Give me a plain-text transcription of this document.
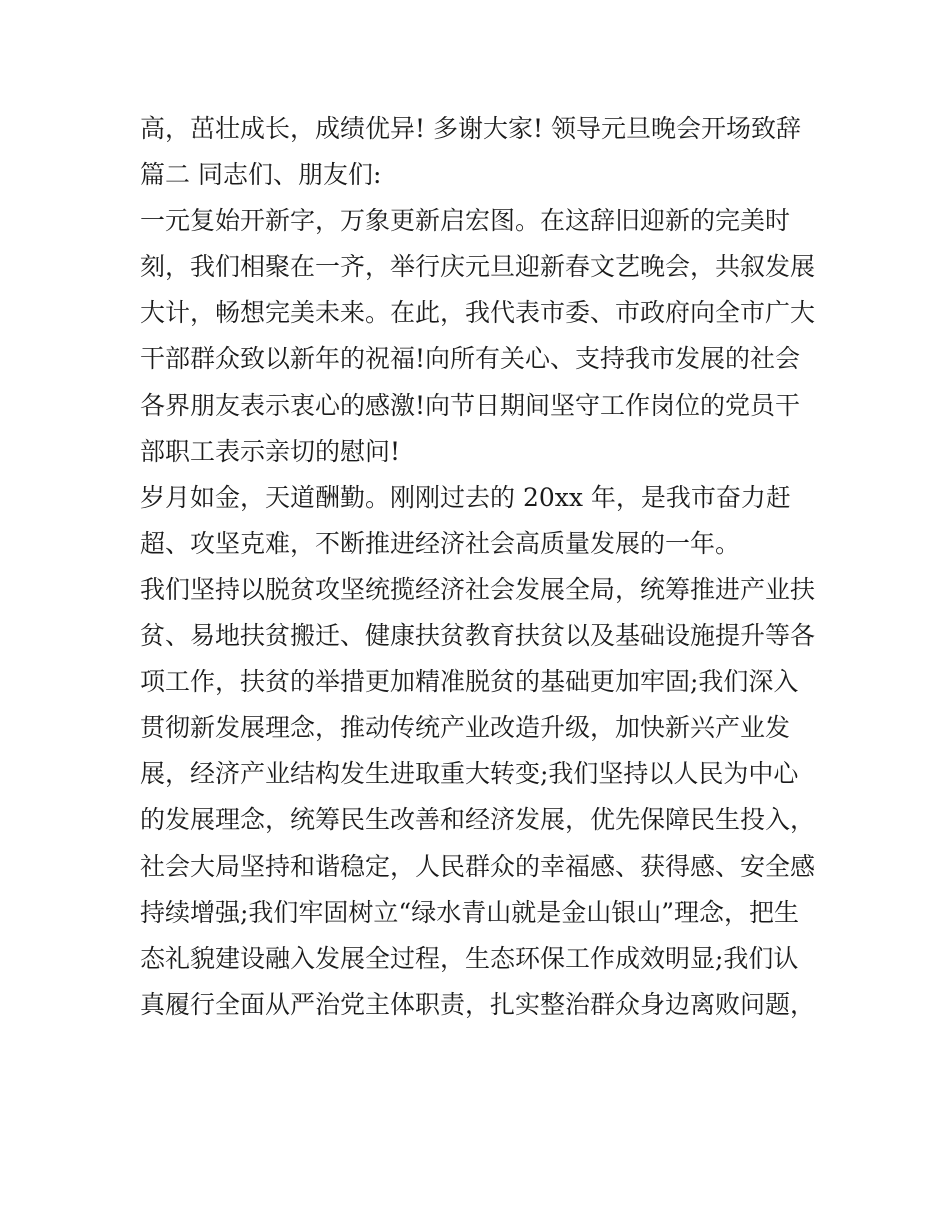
高，茁壮成长，成绩优异! 多谢大家! 领导元旦晚会开场致辞
篇二 同志们、朋友们:
一元复始开新字，万象更新启宏图。在这辞旧迎新的完美时
刻，我们相聚在一齐，举行庆元旦迎新春文艺晚会，共叙发展
大计，畅想完美未来。在此，我代表市委、市政府向全市广大
干部群众致以新年的祝福!向所有关心、支持我市发展的社会
各界朋友表示衷心的感激!向节日期间坚守工作岗位的党员干
部职工表示亲切的慰问!
岁月如金，天道酬勤。刚刚过去的 20xx 年，是我市奋力赶
超、攻坚克难，不断推进经济社会高质量发展的一年。
我们坚持以脱贫攻坚统揽经济社会发展全局，统筹推进产业扶
贫、易地扶贫搬迁、健康扶贫教育扶贫以及基础设施提升等各
项工作，扶贫的举措更加精准脱贫的基础更加牢固;我们深入
贯彻新发展理念，推动传统产业改造升级，加快新兴产业发
展，经济产业结构发生进取重大转变;我们坚持以人民为中心
的发展理念，统筹民生改善和经济发展，优先保障民生投入，
社会大局坚持和谐稳定，人民群众的幸福感、获得感、安全感
持续增强;我们牢固树立“绿水青山就是金山银山”理念，把生
态礼貌建设融入发展全过程，生态环保工作成效明显;我们认
真履行全面从严治党主体职责，扎实整治群众身边离败问题，
